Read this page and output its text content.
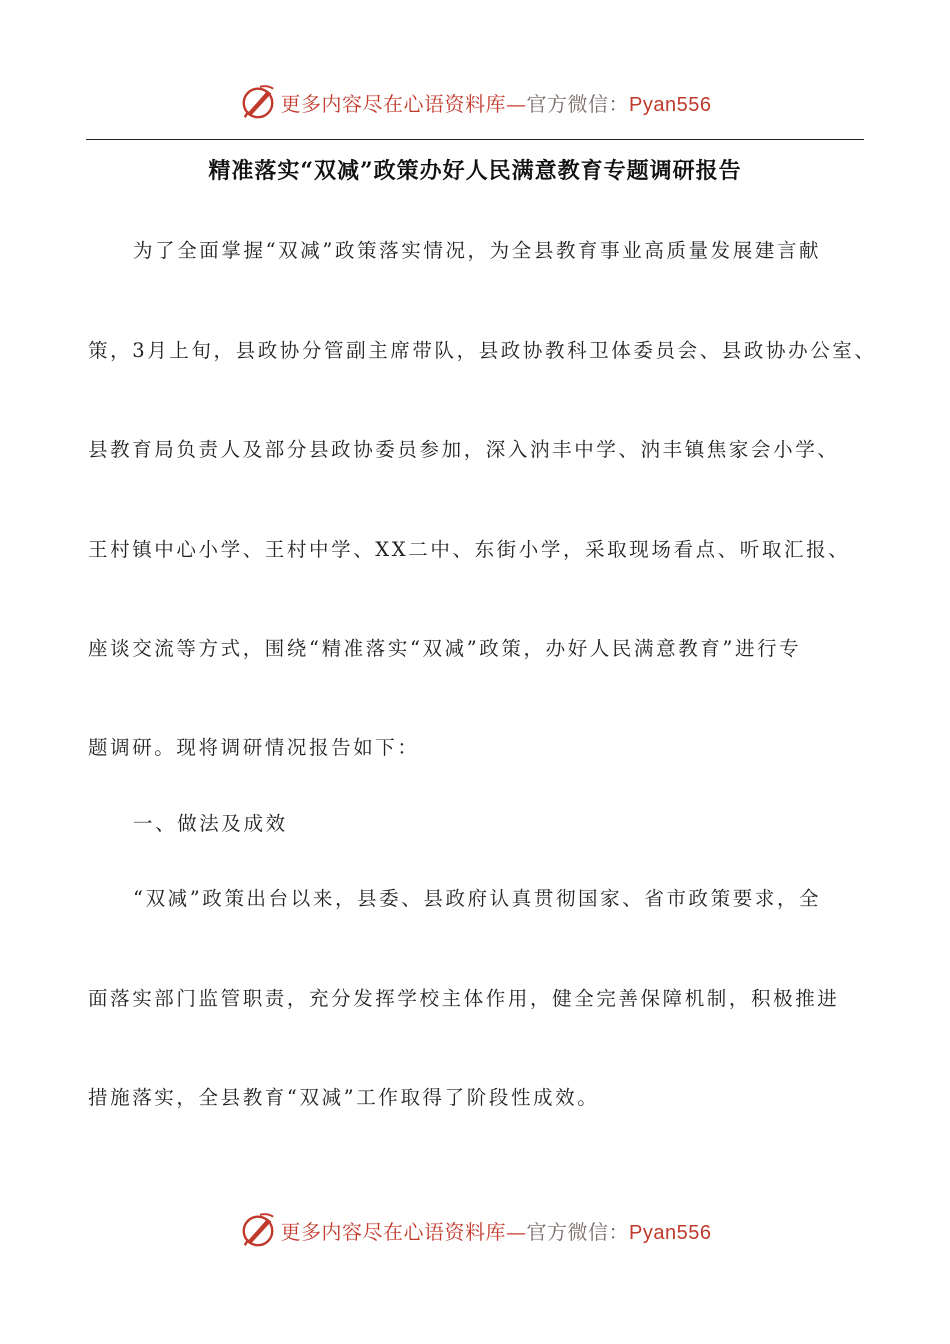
更多内容尽在心语资料库—官方微信：Pyan556
精准落实“双减”政策办好人民满意教育专题调研报告
为了全面掌握“双减”政策落实情况，为全县教育事业高质量发展建言献
策，3月上旬，县政协分管副主席带队，县政协教科卫体委员会、县政协办公室、
县教育局负责人及部分县政协委员参加，深入汭丰中学、汭丰镇焦家会小学、
王村镇中心小学、王村中学、XX二中、东街小学，采取现场看点、听取汇报、
座谈交流等方式，围绕“精准落实“双减”政策，办好人民满意教育”进行专
题调研。现将调研情况报告如下：
一、做法及成效
“双减”政策出台以来，县委、县政府认真贯彻国家、省市政策要求，全
面落实部门监管职责，充分发挥学校主体作用，健全完善保障机制，积极推进
措施落实，全县教育“双减”工作取得了阶段性成效。
更多内容尽在心语资料库—官方微信：Pyan556
